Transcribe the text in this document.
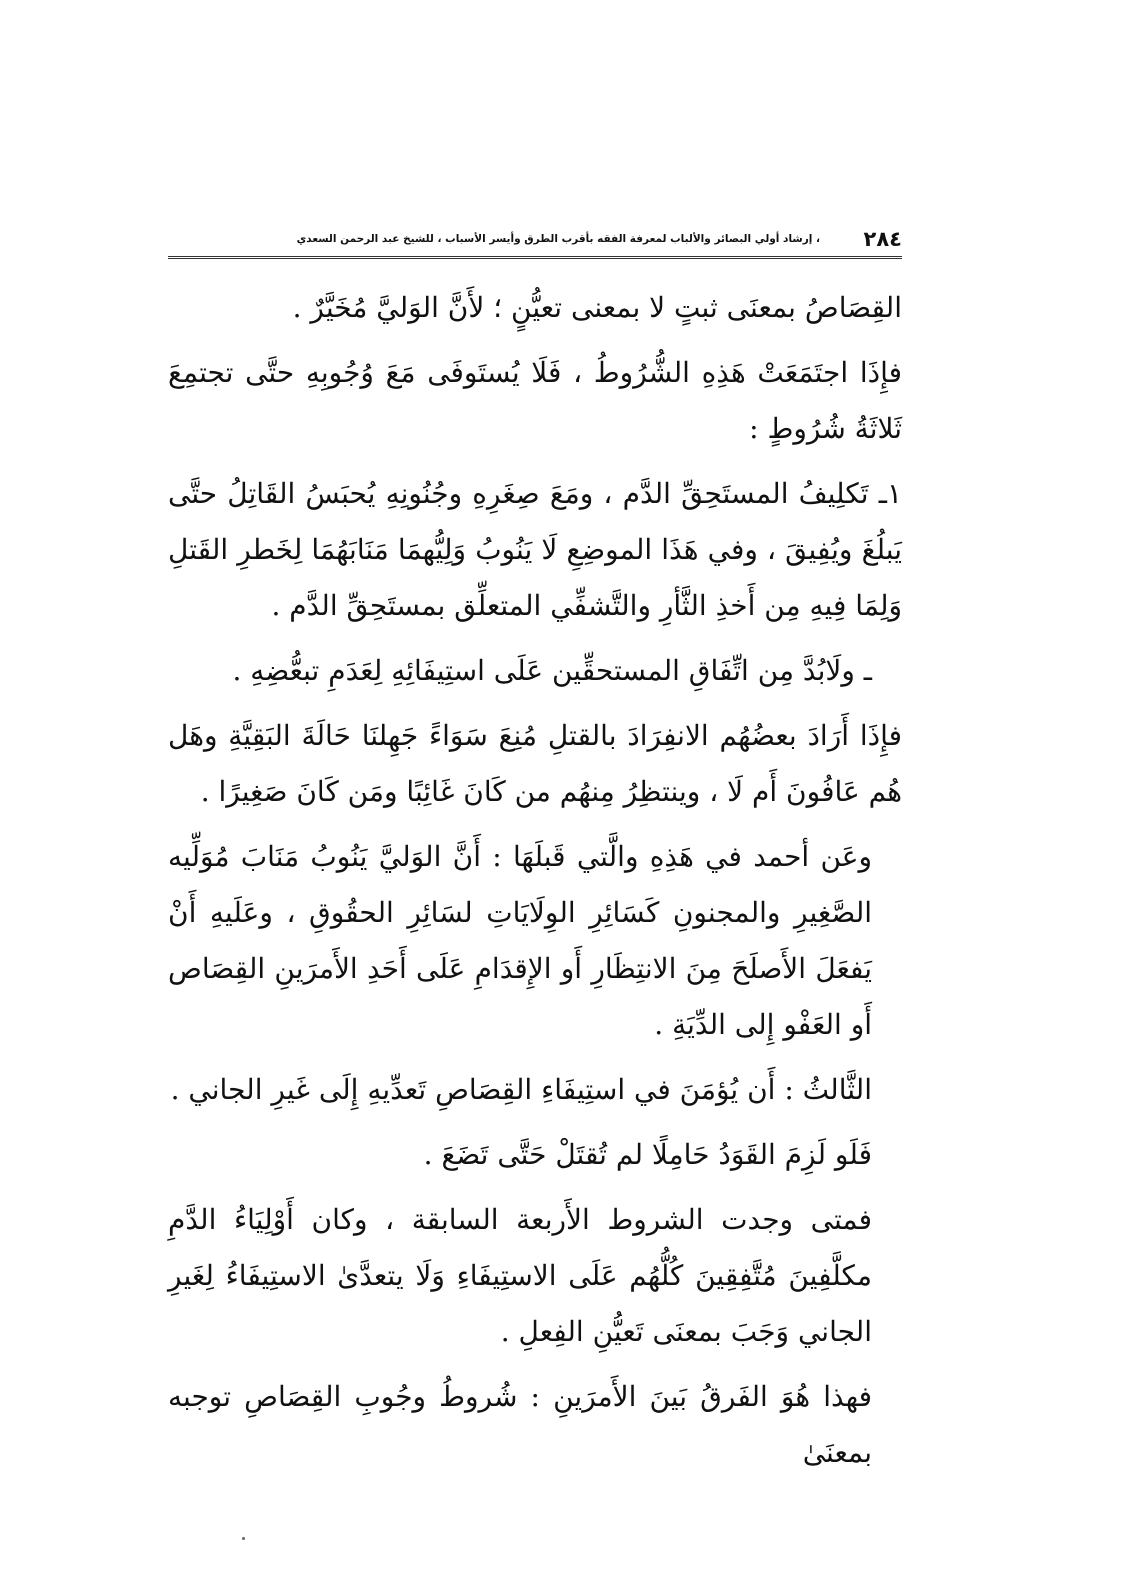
٢٨٤
، إرشاد أولي البصائر والألباب لمعرفة الفقه بأقرب الطرق وأيسر الأسباب ، للشيخ عبد الرحمن السعدي

القِصَاصُ بمعنَى ثبتٍ لا بمعنى تعيُّنٍ ؛ لأَنَّ الوَليَّ مُخَيَّرٌ .

فإِذَا اجتَمَعَتْ هَذِهِ الشُّرُوطُ ، فَلَا يُستَوفَى مَعَ وُجُوبِهِ حتَّى تجتمِعَ ثَلاثَةُ شُرُوطٍ :

١ـ تَكلِيفُ المستَحِقِّ الدَّم ، ومَعَ صِغَرِهِ وجُنُونِهِ يُحبَسُ القَاتِلُ حتَّى يَبلُغَ ويُفِيقَ ، وفي هَذَا الموضِعِ لَا يَنُوبُ وَلِيُّهمَا مَنَابَهُمَا لِخَطرِ القَتلِ وَلِمَا فِيهِ مِن أَخذِ الثَّأرِ والتَّشفِّي المتعلِّق بمستَحِقِّ الدَّم .

ـ ولَابُدَّ مِن اتِّفَاقِ المستحقِّين عَلَى استِيفَائِهِ لِعَدَمِ تبعُّضِهِ .

فإِذَا أَرَادَ بعضُهُم الانفِرَادَ بالقتلِ مُنِعَ سَوَاءً جَهِلنَا حَالَةَ البَقِيَّةِ وهَل هُم عَافُونَ أَم لَا ، وينتظِرُ مِنهُم من كَانَ غَائِبًا ومَن كَانَ صَغِيرًا .

وعَن أحمد في هَذِهِ والَّتي قَبلَهَا : أَنَّ الوَليَّ يَنُوبُ مَنَابَ مُوَلِّيه الصَّغِيرِ والمجنونِ كَسَائِرِ الوِلَايَاتِ لسَائِرِ الحقُوقِ ، وعَلَيهِ أَنْ يَفعَلَ الأَصلَحَ مِنَ الانتِظَارِ أَو الإِقدَامِ عَلَى أَحَدِ الأَمرَينِ القِصَاص أَو العَفْو إِلى الدِّيَةِ .

الثَّالثُ : أَن يُؤمَنَ في استِيفَاءِ القِصَاصِ تَعدِّيهِ إِلَى غَيرِ الجاني .

فَلَو لَزِمَ القَوَدُ حَامِلًا لم تُقتَلْ حَتَّى تَضَعَ .

فمتى وجدت الشروط الأَربعة السابقة ، وكان أَوْلِيَاءُ الدَّمِ مكلَّفِينَ مُتَّفِقِينَ كُلُّهُم عَلَى الاستِيفَاءِ وَلَا يتعدَّىٰ الاستِيفَاءُ لِغَيرِ الجاني وَجَبَ بمعنَى تَعيُّنِ الفِعلِ .

فهذا هُوَ الفَرقُ بَينَ الأَمرَينِ : شُروطُ وجُوبِ القِصَاصِ توجبه بمعنَىٰ
